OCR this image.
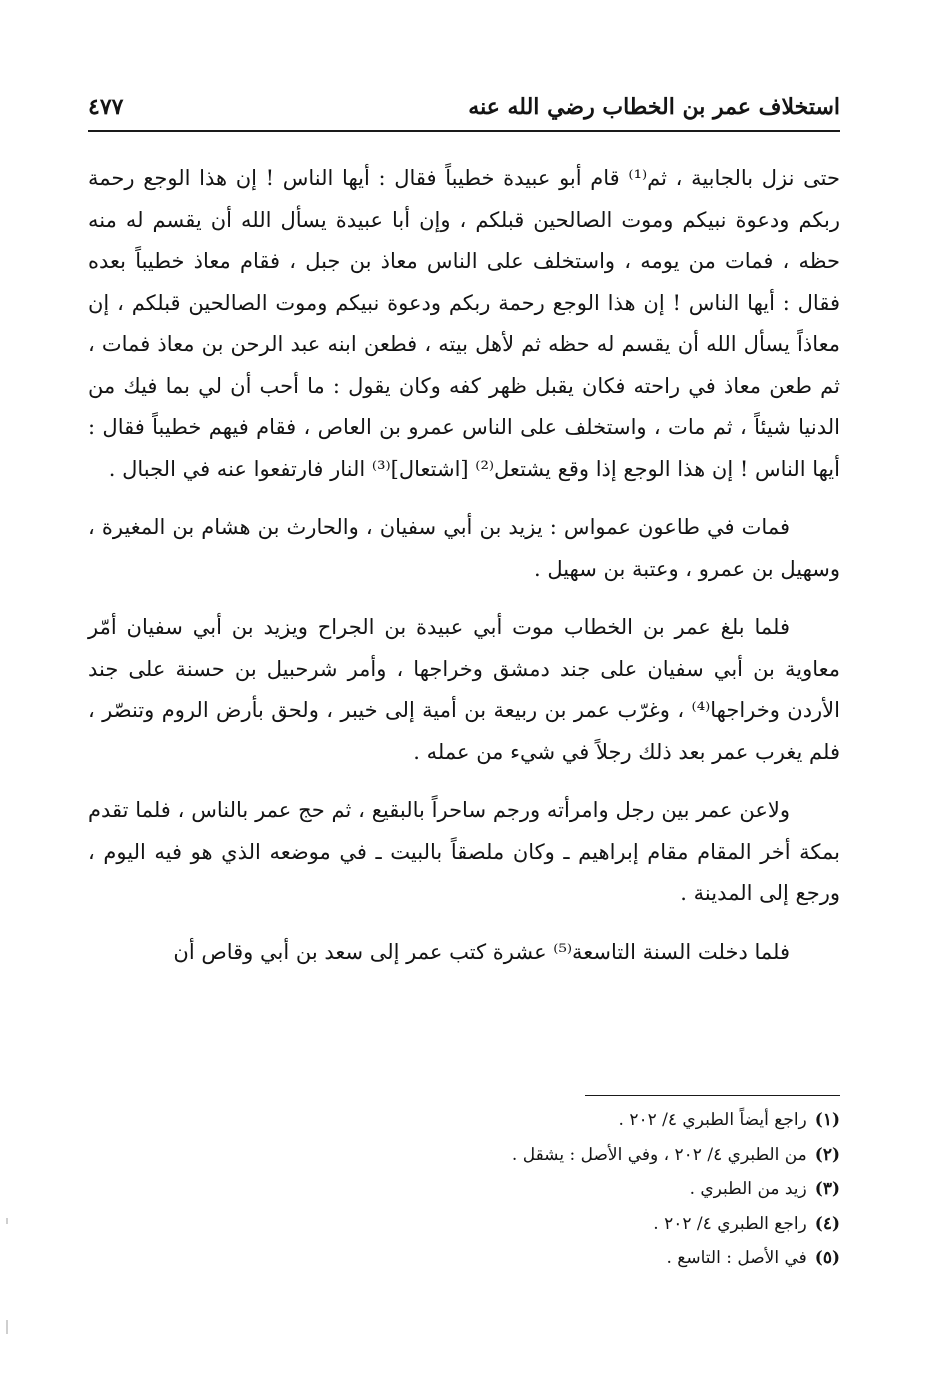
استخلاف عمر بن الخطاب رضي الله عنه
٤٧٧

حتى نزل بالجابية ، ثم⁽¹⁾ قام أبو عبيدة خطيباً فقال : أيها الناس ! إن هذا الوجع رحمة ربكم ودعوة نبيكم وموت الصالحين قبلكم ، وإن أبا عبيدة يسأل الله أن يقسم له منه حظه ، فمات من يومه ، واستخلف على الناس معاذ بن جبل ، فقام معاذ خطيباً بعده فقال : أيها الناس ! إن هذا الوجع رحمة ربكم ودعوة نبيكم وموت الصالحين قبلكم ، إن معاذاً يسأل الله أن يقسم له حظه ثم لأهل بيته ، فطعن ابنه عبد الرحن بن معاذ فمات ، ثم طعن معاذ في راحته فكان يقبل ظهر كفه وكان يقول : ما أحب أن لي بما فيك من الدنيا شيئاً ، ثم مات ، واستخلف على الناس عمرو بن العاص ، فقام فيهم خطيباً فقال : أيها الناس ! إن هذا الوجع إذا وقع يشتعل⁽²⁾ [اشتعال]⁽³⁾ النار فارتفعوا عنه في الجبال .

فمات في طاعون عمواس : يزيد بن أبي سفيان ، والحارث بن هشام بن المغيرة ، وسهيل بن عمرو ، وعتبة بن سهيل .

فلما بلغ عمر بن الخطاب موت أبي عبيدة بن الجراح ويزيد بن أبي سفيان أمّر معاوية بن أبي سفيان على جند دمشق وخراجها ، وأمر شرحبيل بن حسنة على جند الأردن وخراجها⁽⁴⁾ ، وغرّب عمر بن ربيعة بن أمية إلى خيبر ، ولحق بأرض الروم وتنصّر ، فلم يغرب عمر بعد ذلك رجلاً في شيء من عمله .

ولاعن عمر بين رجل وامرأته ورجم ساحراً بالبقيع ، ثم حج عمر بالناس ، فلما تقدم بمكة أخر المقام مقام إبراهيم ـ وكان ملصقاً بالبيت ـ في موضعه الذي هو فيه اليوم ، ورجع إلى المدينة .

فلما دخلت السنة التاسعة⁽⁵⁾ عشرة كتب عمر إلى سعد بن أبي وقاص أن

(١)راجع أيضاً الطبري ٤/ ٢٠٢ .
(٢)من الطبري ٤/ ٢٠٢ ، وفي الأصل : يشقل .
(٣)زيد من الطبري .
(٤)راجع الطبري ٤/ ٢٠٢ .
(٥)في الأصل : التاسع .
